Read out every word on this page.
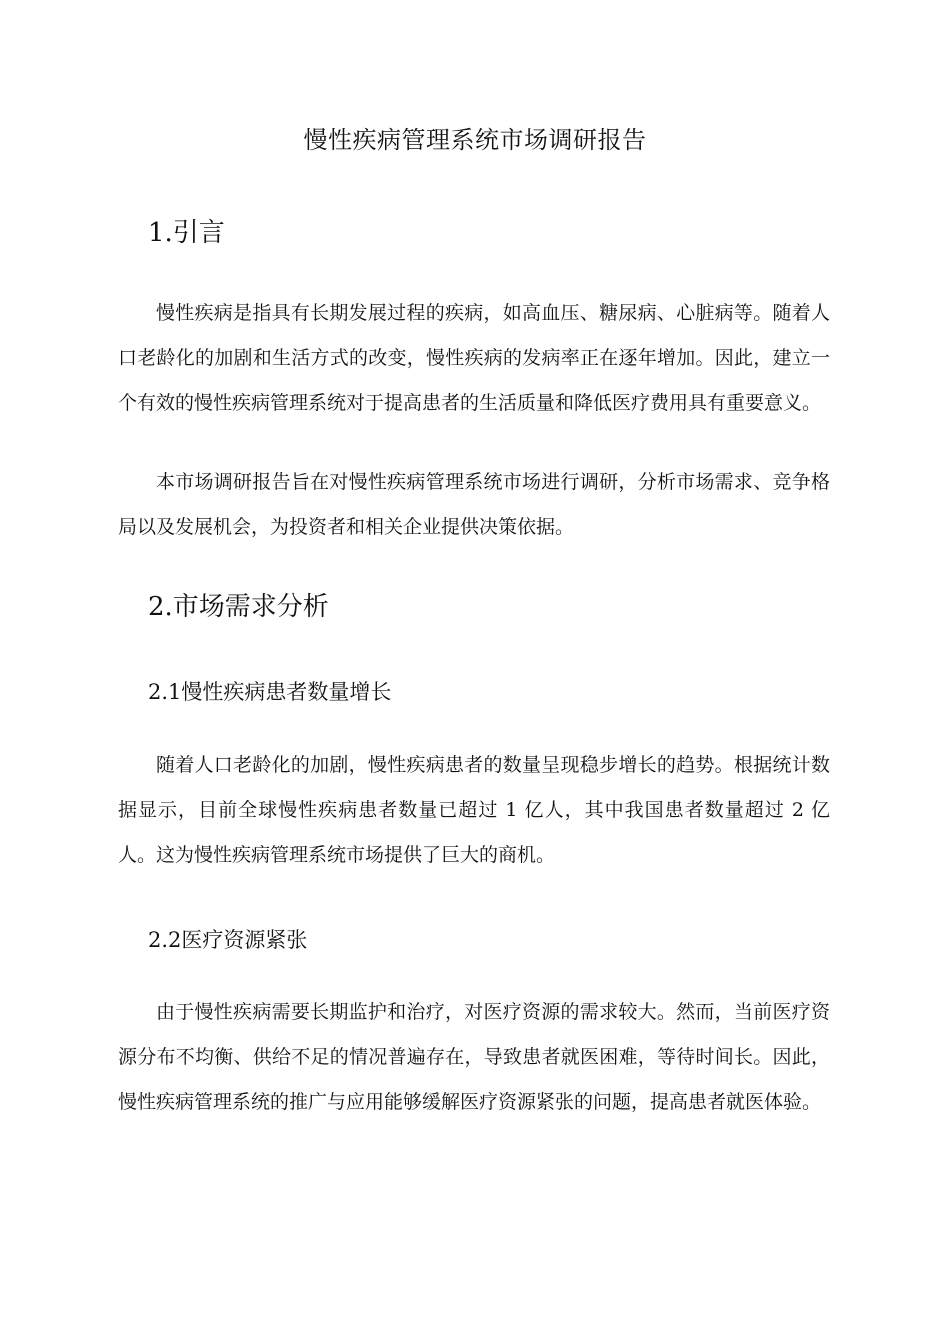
慢性疾病管理系统市场调研报告
1.引言

慢性疾病是指具有长期发展过程的疾病，如高血压、糖尿病、心脏病等。随着人口老龄化的加剧和生活方式的改变，慢性疾病的发病率正在逐年增加。因此，建立一个有效的慢性疾病管理系统对于提高患者的生活质量和降低医疗费用具有重要意义。

本市场调研报告旨在对慢性疾病管理系统市场进行调研，分析市场需求、竞争格局以及发展机会，为投资者和相关企业提供决策依据。

2.市场需求分析
2.1慢性疾病患者数量增长

随着人口老龄化的加剧，慢性疾病患者的数量呈现稳步增长的趋势。根据统计数据显示，目前全球慢性疾病患者数量已超过 1 亿人，其中我国患者数量超过 2 亿人。这为慢性疾病管理系统市场提供了巨大的商机。

2.2医疗资源紧张

由于慢性疾病需要长期监护和治疗，对医疗资源的需求较大。然而，当前医疗资源分布不均衡、供给不足的情况普遍存在，导致患者就医困难，等待时间长。因此，慢性疾病管理系统的推广与应用能够缓解医疗资源紧张的问题，提高患者就医体验。
